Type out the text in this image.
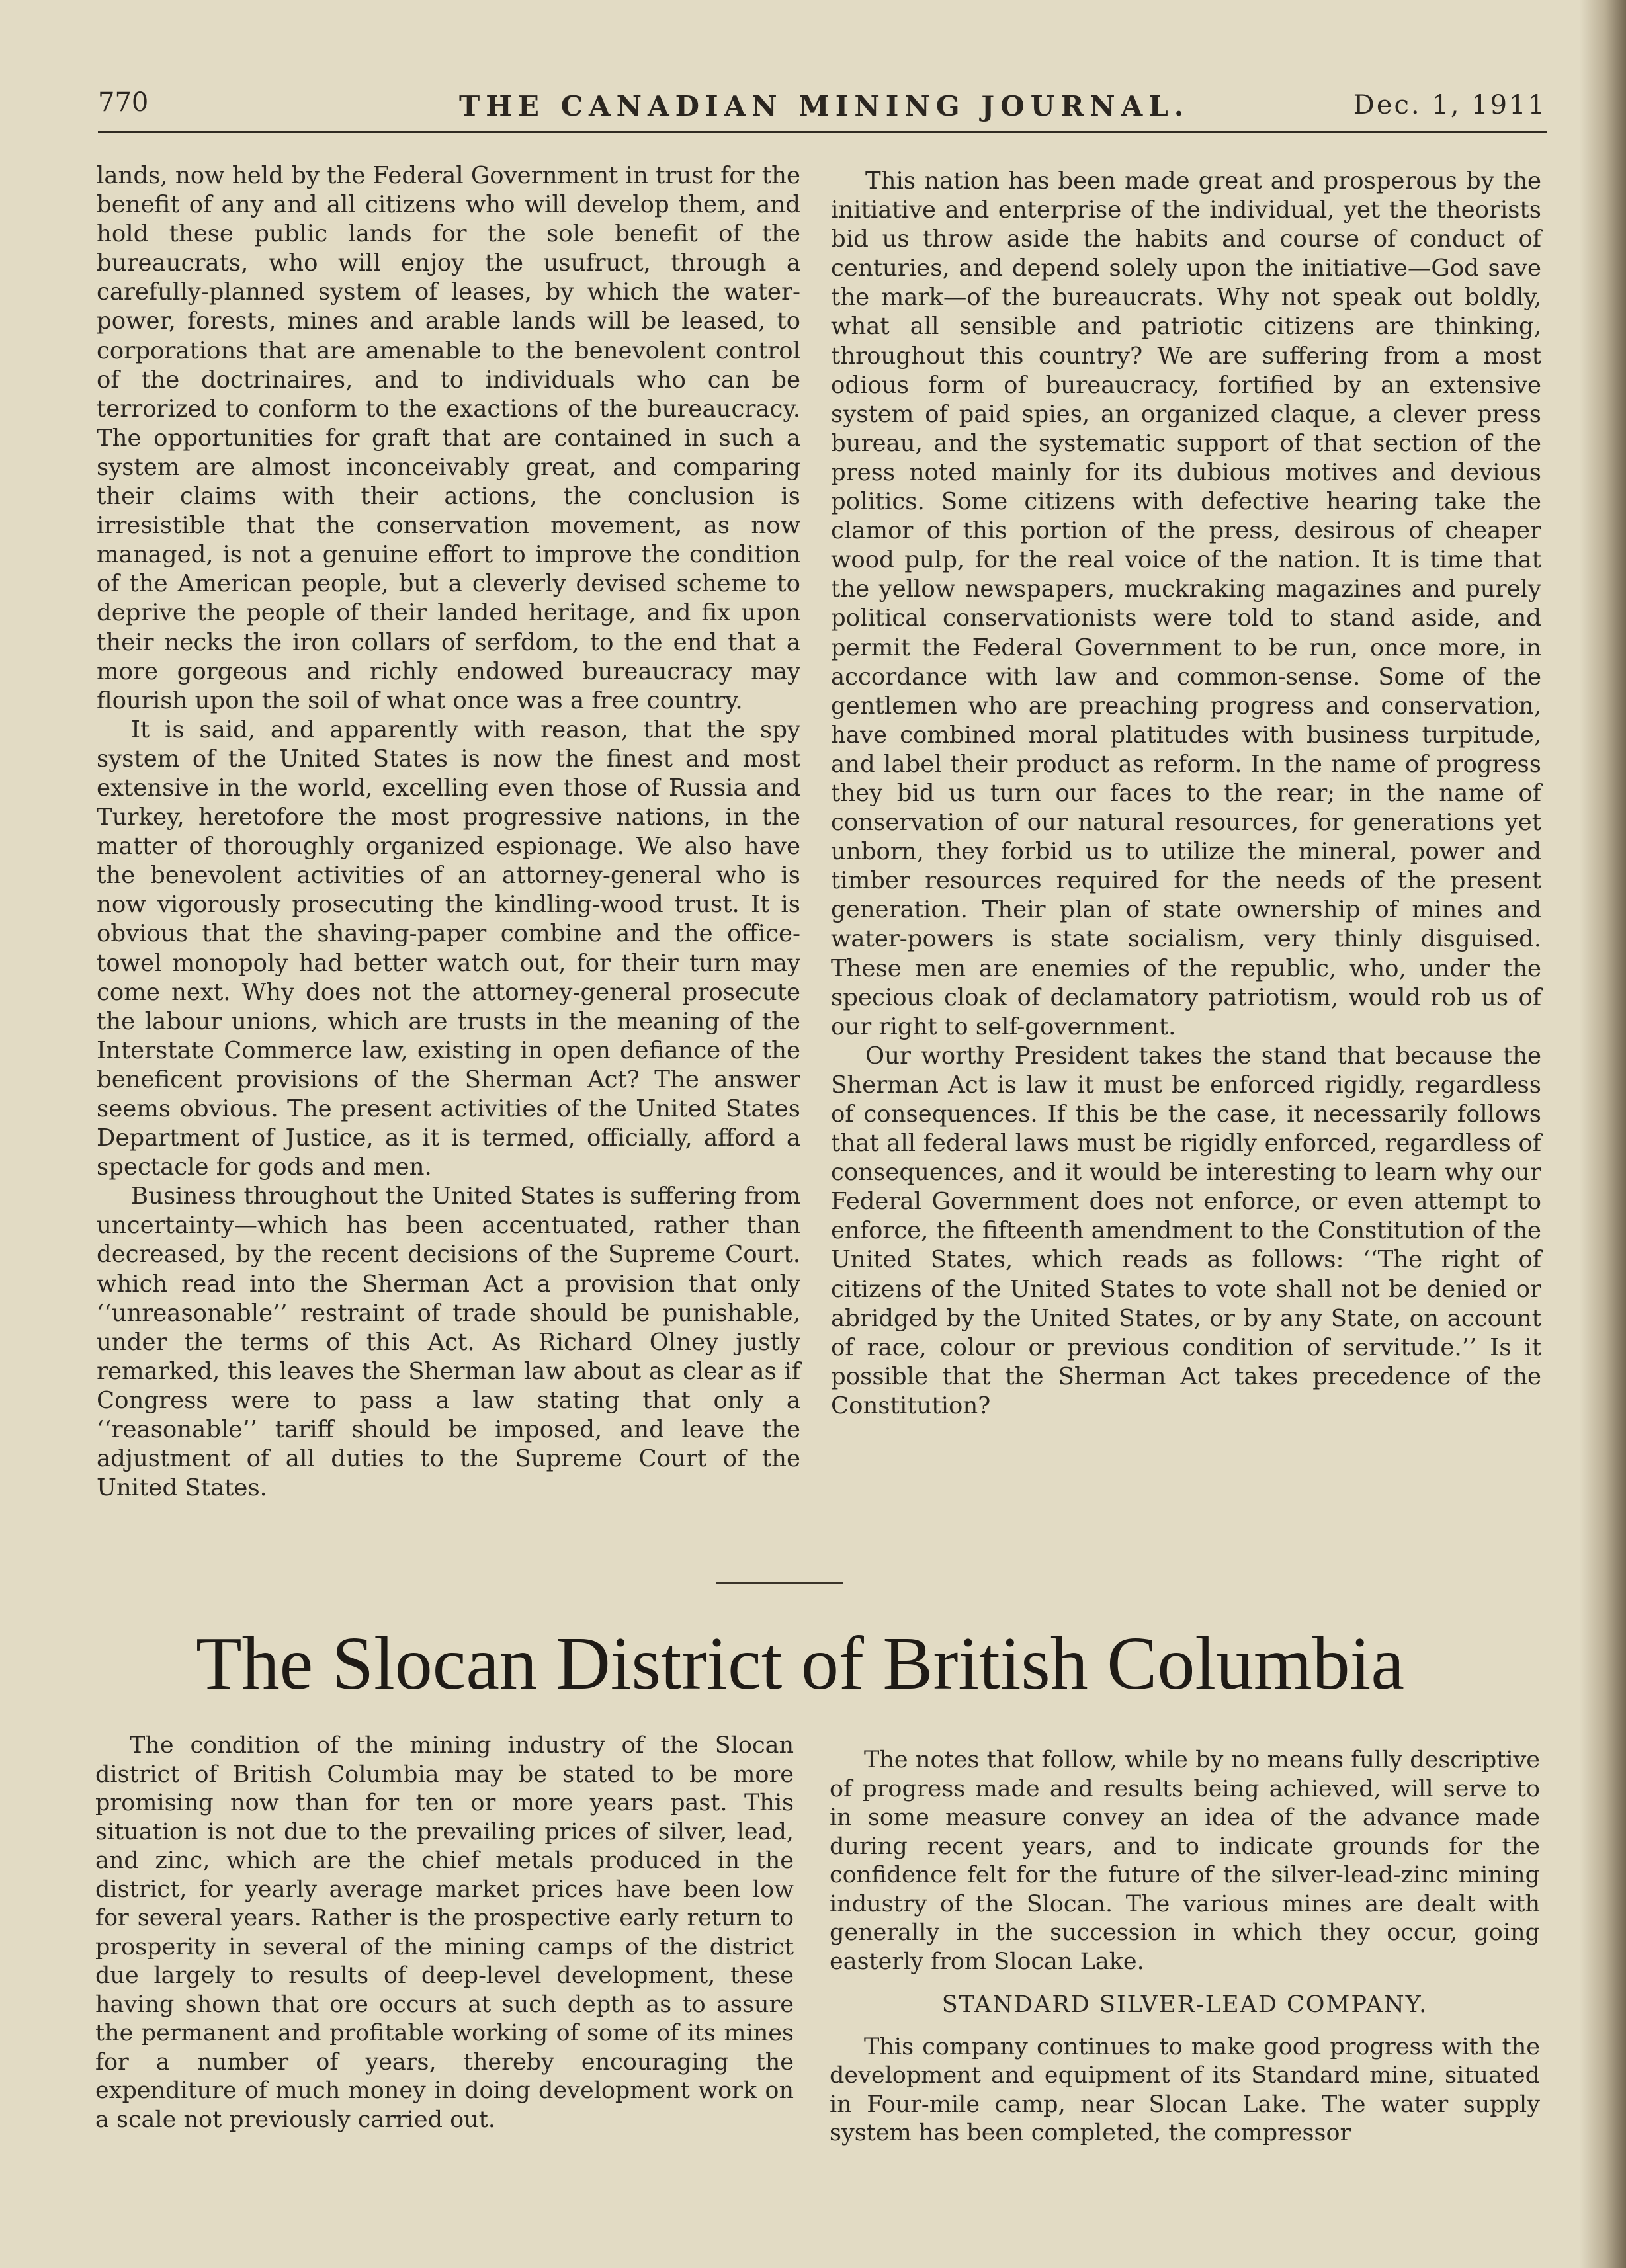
770	THE CANADIAN MINING JOURNAL.	Dec. 1, 1911

lands, now held by the Federal Government in trust for the benefit of any and all citizens who will develop them, and hold these public lands for the sole benefit of the bureaucrats, who will enjoy the usufruct, through a carefully-planned system of leases, by which the water-power, forests, mines and arable lands will be leased, to corporations that are amenable to the benevolent control of the doctrinaires, and to individuals who can be terrorized to conform to the exactions of the bureaucracy. The opportunities for graft that are contained in such a system are almost inconceivably great, and comparing their claims with their actions, the conclusion is irresistible that the conservation movement, as now managed, is not a genuine effort to improve the condition of the American people, but a cleverly devised scheme to deprive the people of their landed heritage, and fix upon their necks the iron collars of serfdom, to the end that a more gorgeous and richly endowed bureaucracy may flourish upon the soil of what once was a free country.

It is said, and apparently with reason, that the spy system of the United States is now the finest and most extensive in the world, excelling even those of Russia and Turkey, heretofore the most progressive nations, in the matter of thoroughly organized espionage. We also have the benevolent activities of an attorney-general who is now vigorously prosecuting the kindling-wood trust. It is obvious that the shaving-paper combine and the office-towel monopoly had better watch out, for their turn may come next. Why does not the attorney-general prosecute the labour unions, which are trusts in the meaning of the Interstate Commerce law, existing in open defiance of the beneficent provisions of the Sherman Act? The answer seems obvious. The present activities of the United States Department of Justice, as it is termed, officially, afford a spectacle for gods and men.

Business throughout the United States is suffering from uncertainty—which has been accentuated, rather than decreased, by the recent decisions of the Supreme Court. which read into the Sherman Act a provision that only ‘‘unreasonable’’ restraint of trade should be punishable, under the terms of this Act. As Richard Olney justly remarked, this leaves the Sherman law about as clear as if Congress were to pass a law stating that only a ‘‘reasonable’’ tariff should be imposed, and leave the adjustment of all duties to the Supreme Court of the United States.

This nation has been made great and prosperous by the initiative and enterprise of the individual, yet the theorists bid us throw aside the habits and course of conduct of centuries, and depend solely upon the initiative—God save the mark—of the bureaucrats. Why not speak out boldly, what all sensible and patriotic citizens are thinking, throughout this country? We are suffering from a most odious form of bureaucracy, fortified by an extensive system of paid spies, an organized claque, a clever press bureau, and the systematic support of that section of the press noted mainly for its dubious motives and devious politics. Some citizens with defective hearing take the clamor of this portion of the press, desirous of cheaper wood pulp, for the real voice of the nation. It is time that the yellow newspapers, muckraking magazines and purely political conservationists were told to stand aside, and permit the Federal Government to be run, once more, in accordance with law and common-sense. Some of the gentlemen who are preaching progress and conservation, have combined moral platitudes with business turpitude, and label their product as reform. In the name of progress they bid us turn our faces to the rear; in the name of conservation of our natural resources, for generations yet unborn, they forbid us to utilize the mineral, power and timber resources required for the needs of the present generation. Their plan of state ownership of mines and water-powers is state socialism, very thinly disguised. These men are enemies of the republic, who, under the specious cloak of declamatory patriotism, would rob us of our right to self-government.

Our worthy President takes the stand that because the Sherman Act is law it must be enforced rigidly, regardless of consequences. If this be the case, it necessarily follows that all federal laws must be rigidly enforced, regardless of consequences, and it would be interesting to learn why our Federal Government does not enforce, or even attempt to enforce, the fifteenth amendment to the Constitution of the United States, which reads as follows: ‘‘The right of citizens of the United States to vote shall not be denied or abridged by the United States, or by any State, on account of race, colour or previous condition of servitude.’’ Is it possible that the Sherman Act takes precedence of the Constitution?

The Slocan District of British Columbia

The condition of the mining industry of the Slocan district of British Columbia may be stated to be more promising now than for ten or more years past. This situation is not due to the prevailing prices of silver, lead, and zinc, which are the chief metals produced in the district, for yearly average market prices have been low for several years. Rather is the prospective early return to prosperity in several of the mining camps of the district due largely to results of deep-level development, these having shown that ore occurs at such depth as to assure the permanent and profitable working of some of its mines for a number of years, thereby encouraging the expenditure of much money in doing development work on a scale not previously carried out.

The notes that follow, while by no means fully descriptive of progress made and results being achieved, will serve to in some measure convey an idea of the advance made during recent years, and to indicate grounds for the confidence felt for the future of the silver-lead-zinc mining industry of the Slocan. The various mines are dealt with generally in the succession in which they occur, going easterly from Slocan Lake.

STANDARD SILVER-LEAD COMPANY.

This company continues to make good progress with the development and equipment of its Standard mine, situated in Four-mile camp, near Slocan Lake. The water supply system has been completed, the compressor
